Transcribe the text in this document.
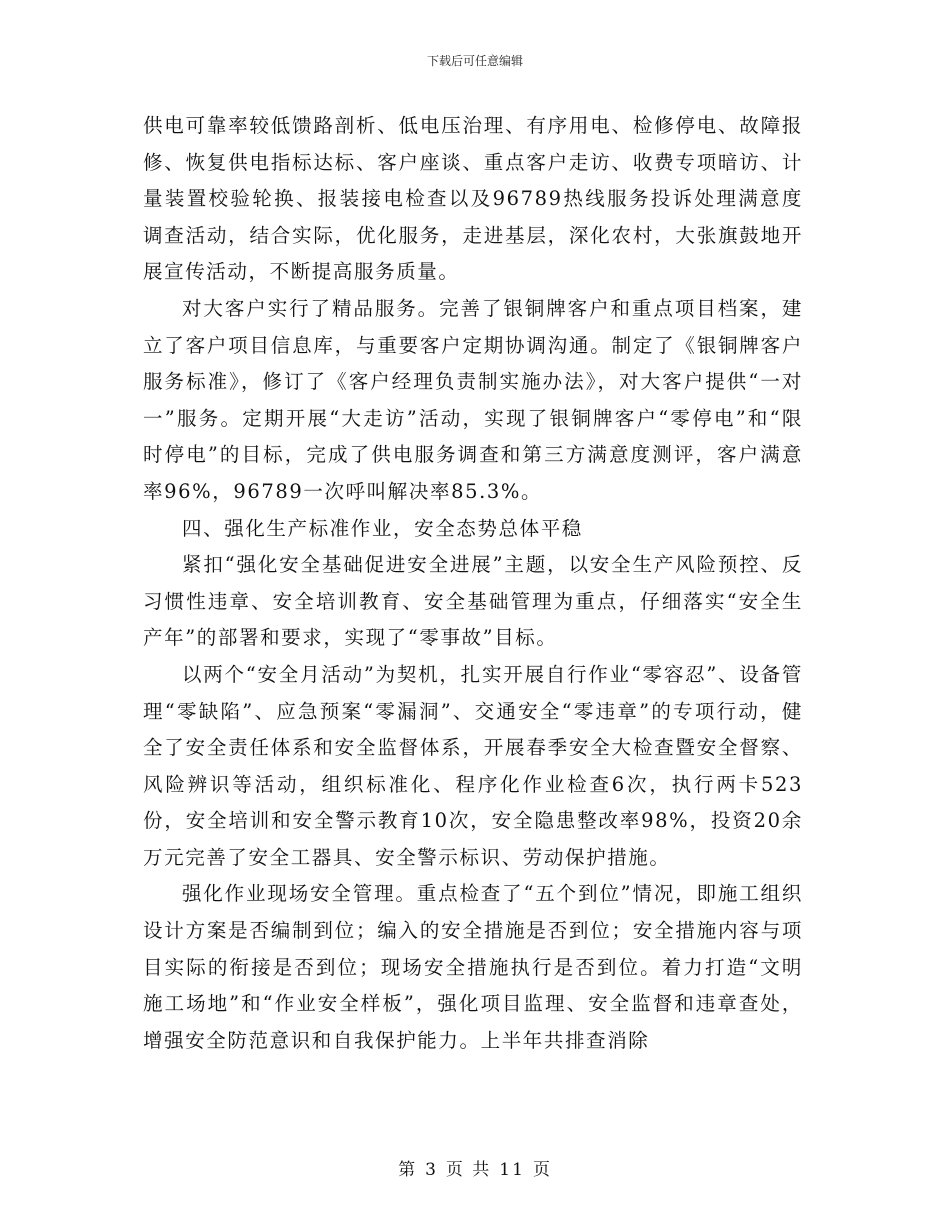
下载后可任意编辑

供电可靠率较低馈路剖析、低电压治理、有序用电、检修停电、故障报修、恢复供电指标达标、客户座谈、重点客户走访、收费专项暗访、计量装置校验轮换、报装接电检查以及96789热线服务投诉处理满意度调查活动，结合实际，优化服务，走进基层，深化农村，大张旗鼓地开展宣传活动，不断提高服务质量。

对大客户实行了精品服务。完善了银铜牌客户和重点项目档案，建立了客户项目信息库，与重要客户定期协调沟通。制定了《银铜牌客户服务标准》，修订了《客户经理负责制实施办法》，对大客户提供“一对一”服务。定期开展“大走访”活动，实现了银铜牌客户“零停电”和“限时停电”的目标，完成了供电服务调查和第三方满意度测评，客户满意率96%，96789一次呼叫解决率85.3%。

四、强化生产标准作业，安全态势总体平稳

紧扣“强化安全基础促进安全进展”主题，以安全生产风险预控、反习惯性违章、安全培训教育、安全基础管理为重点，仔细落实“安全生产年”的部署和要求，实现了“零事故”目标。

以两个“安全月活动”为契机，扎实开展自行作业“零容忍”、设备管理“零缺陷”、应急预案“零漏洞”、交通安全“零违章”的专项行动，健全了安全责任体系和安全监督体系，开展春季安全大检查暨安全督察、风险辨识等活动，组织标准化、程序化作业检查6次，执行两卡523份，安全培训和安全警示教育10次，安全隐患整改率98%，投资20余万元完善了安全工器具、安全警示标识、劳动保护措施。

强化作业现场安全管理。重点检查了“五个到位”情况，即施工组织设计方案是否编制到位；编入的安全措施是否到位；安全措施内容与项目实际的衔接是否到位；现场安全措施执行是否到位。着力打造“文明施工场地”和“作业安全样板”，强化项目监理、安全监督和违章查处，增强安全防范意识和自我保护能力。上半年共排查消除

第 3 页 共 11 页
